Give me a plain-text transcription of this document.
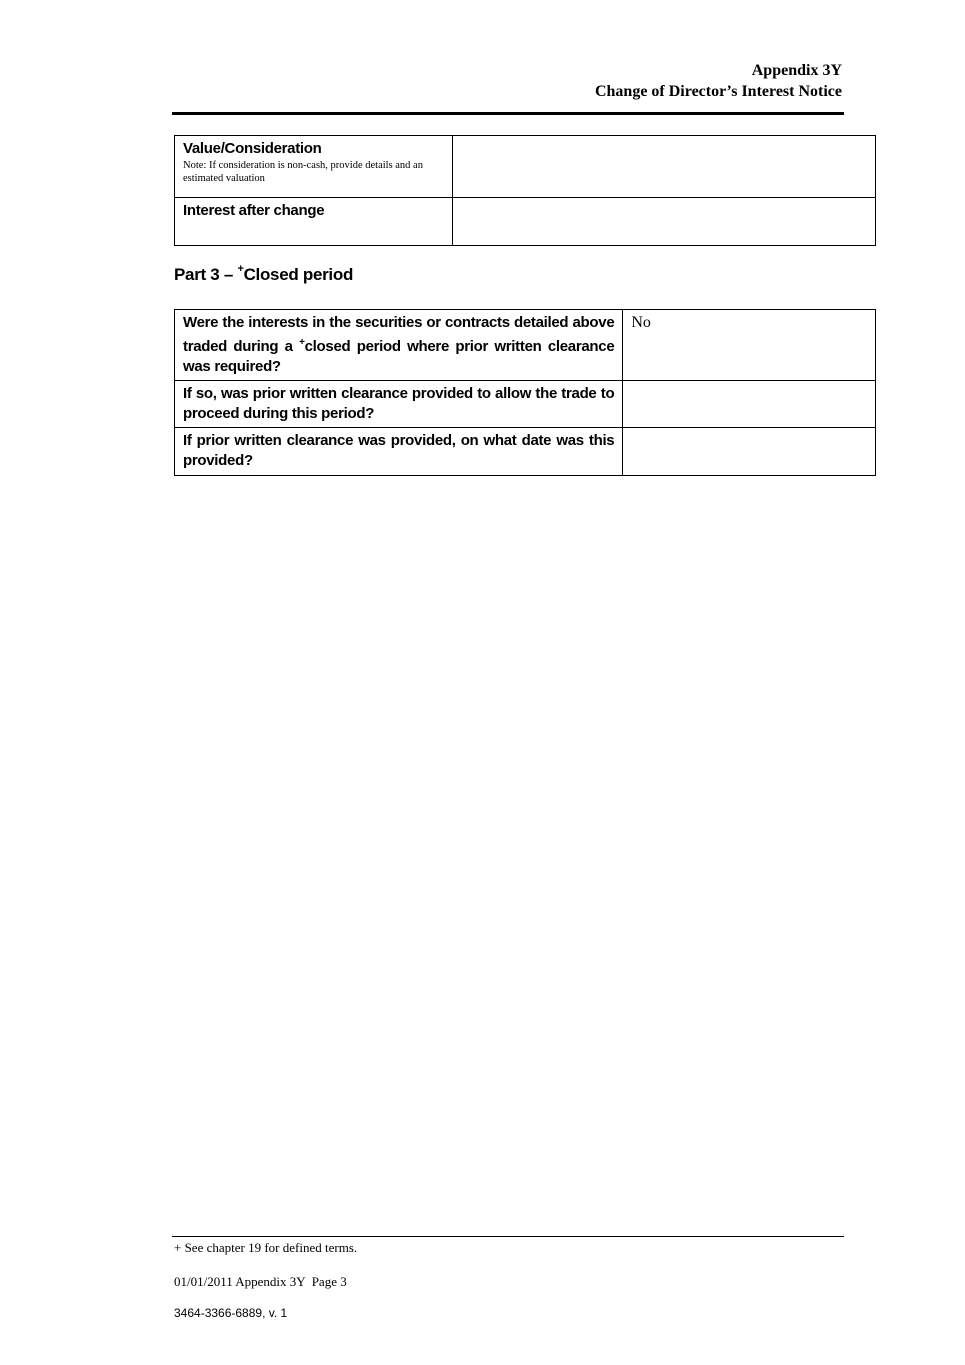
Appendix 3Y
Change of Director’s Interest Notice
Value/Consideration
Note: If consideration is non-cash, provide details and an estimated valuation	

Interest after change	

Part 3 – +Closed period
Were the interests in the securities or contracts detailed above traded during a +closed period where prior written clearance was required?	No

If so, was prior written clearance provided to allow the trade to proceed during this period?	

If prior written clearance was provided, on what date was this provided?	

+ See chapter 19 for defined terms.
01/01/2011 Appendix 3Y  Page 3
3464-3366-6889, v. 1
